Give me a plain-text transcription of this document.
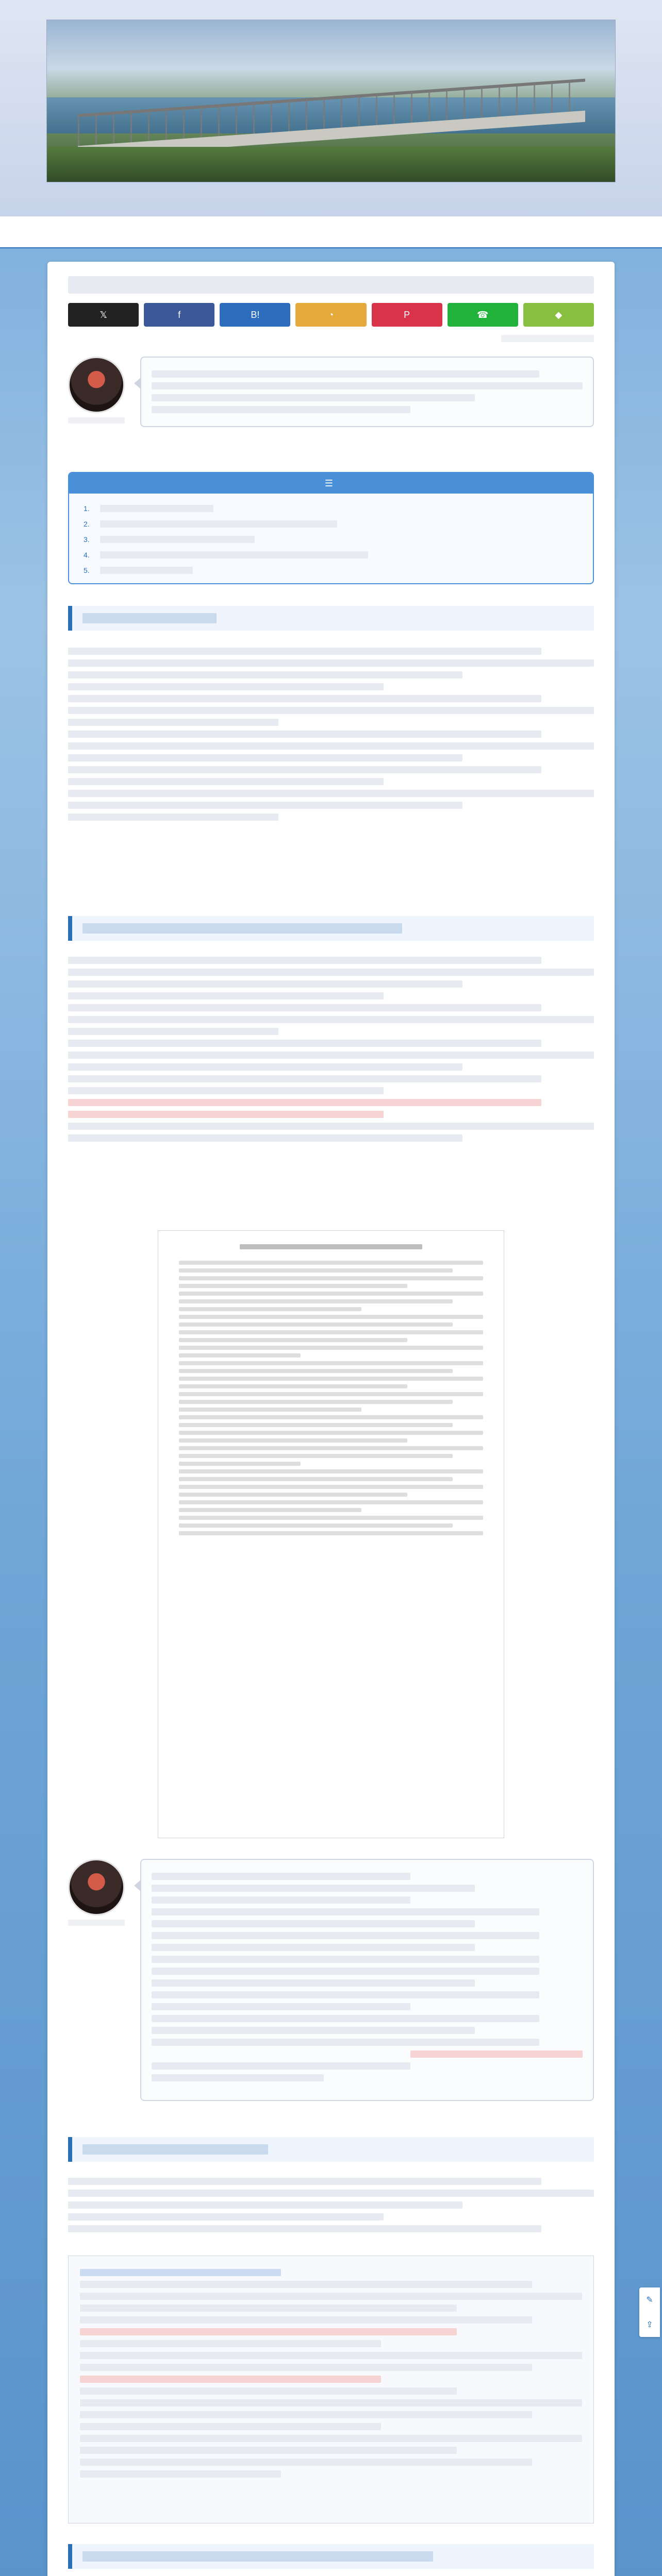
𝕏	f	B!	◔	P	☎	◆
☰
1.
2.
3.
4.
5.
✎
⇪
